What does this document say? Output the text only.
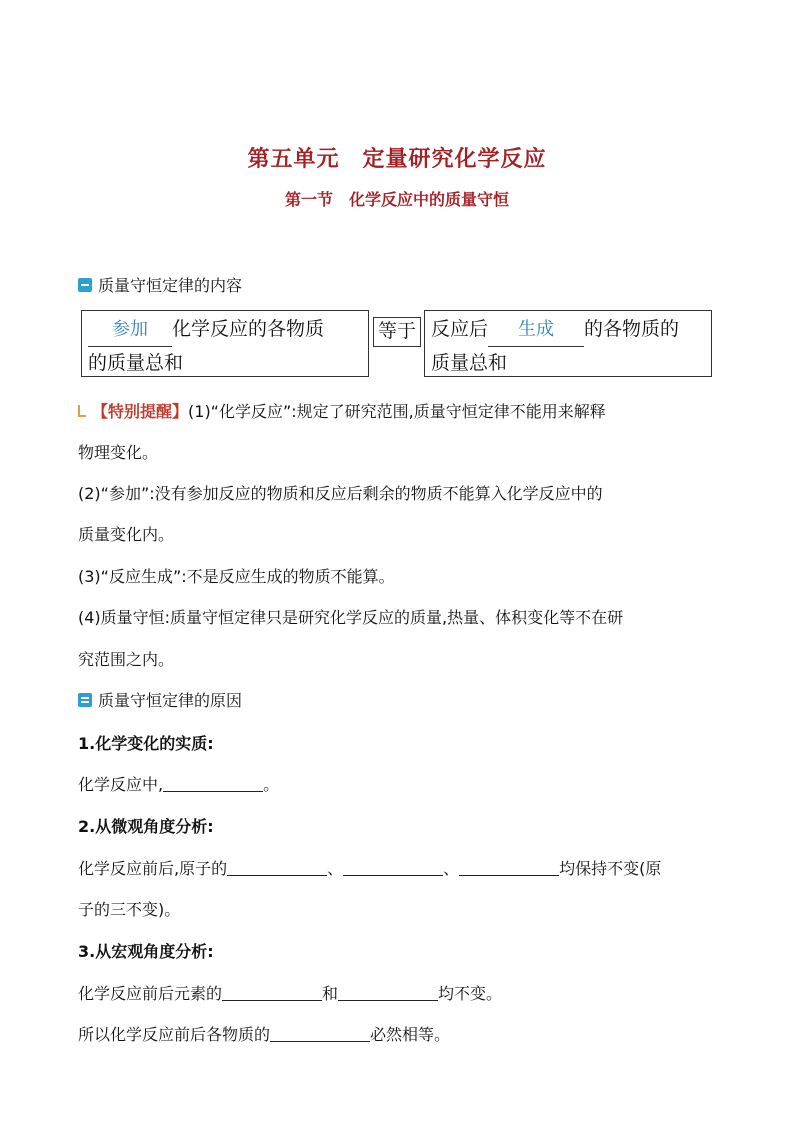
第五单元　定量研究化学反应
第一节　化学反应中的质量守恒
质量守恒定律的内容
参加 化学反应的各物质
的质量总和
等于 反应后 生成 的各物质的
质量总和
【特别提醒】(1)“化学反应”:规定了研究范围,质量守恒定律不能用来解释
物理变化。
(2)“参加”:没有参加反应的物质和反应后剩余的物质不能算入化学反应中的
质量变化内。
(3)“反应生成”:不是反应生成的物质不能算。
(4)质量守恒:质量守恒定律只是研究化学反应的质量,热量、体积变化等不在研
究范围之内。
质量守恒定律的原因
1.化学变化的实质:
化学反应中,	。
2.从微观角度分析:
化学反应前后,原子的	、	、	均保持不变(原
子的三不变)。
3.从宏观角度分析:
化学反应前后元素的	和	均不变。
所以化学反应前后各物质的	必然相等。
